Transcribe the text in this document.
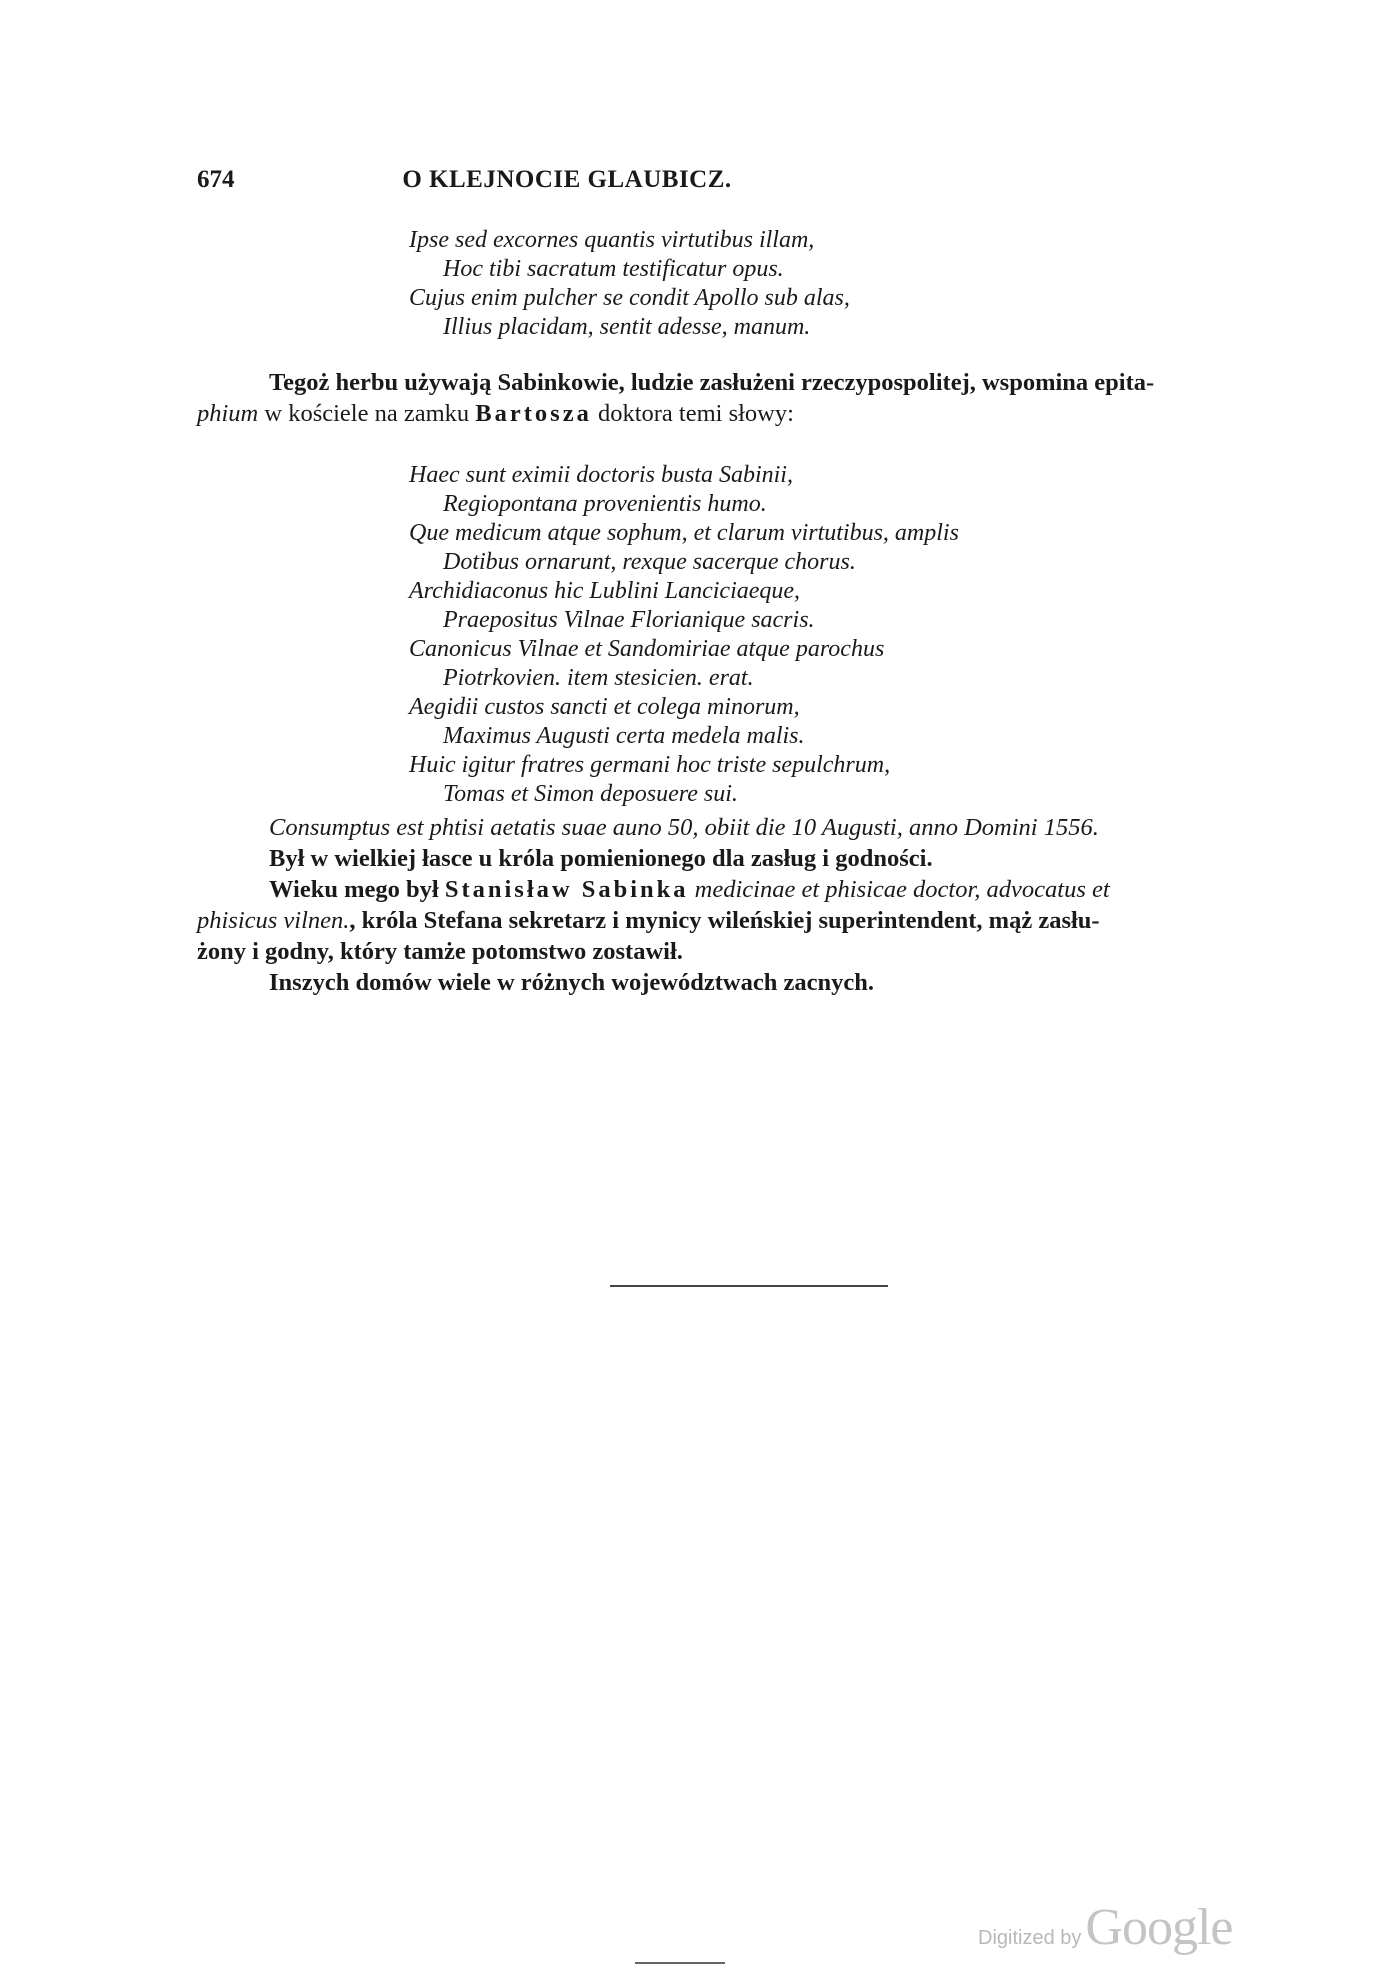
674	O KLEJNOCIE GLAUBICZ.
Ipse sed excornes quantis virtutibus illam,
Hoc tibi sacratum testificatur opus.
Cujus enim pulcher se condit Apollo sub alas,
Illius placidam, sentit adesse, manum.

Tegoż herbu używają Sabinkowie, ludzie zasłużeni rzeczypospolitej, wspomina epita-

phium w kościele na zamku Bartosza doktora temi słowy:

Haec sunt eximii doctoris busta Sabinii,
Regiopontana provenientis humo.
Que medicum atque sophum, et clarum virtutibus, amplis
Dotibus ornarunt, rexque sacerque chorus.
Archidiaconus hic Lublini Lanciciaeque,
Praepositus Vilnae Florianique sacris.
Canonicus Vilnae et Sandomiriae atque parochus
Piotrkovien. item stesicien. erat.
Aegidii custos sancti et colega minorum,
Maximus Augusti certa medela malis.
Huic igitur fratres germani hoc triste sepulchrum,
Tomas et Simon deposuere sui.

Consumptus est phtisi aetatis suae auno 50, obiit die 10 Augusti, anno Domini 1556.

Był w wielkiej łasce u króla pomienionego dla zasług i godności.

Wieku mego był Stanisław Sabinka medicinae et phisicae doctor, advocatus et

phisicus vilnen., króla Stefana sekretarz i mynicy wileńskiej superintendent, mąż zasłu-

żony i godny, który tamże potomstwo zostawił.

Inszych domów wiele w różnych województwach zacnych.

Digitized by Google
